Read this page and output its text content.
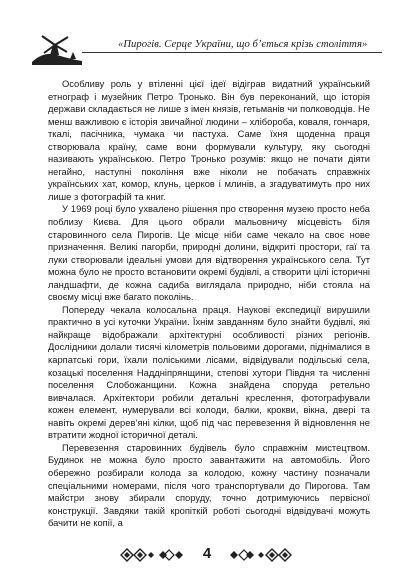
«Пирогів. Серце України, що б’ється крізь століття»

Особливу роль у втіленні цієї ідеї відіграв видатний український етнограф і музейник Петро Тронько. Він був переконаний, що історія держави складається не лише з імен князів, гетьманів чи полководців. Не менш важливою є історія звичайної людини – хлібороба, коваля, гончаря, ткалі, пасічника, чумака чи пастуха. Саме їхня щоденна праця створювала країну, саме вони формували культуру, яку сьогодні називають українською. Петро Тронько розумів: якщо не почати діяти негайно, наступні покоління вже ніколи не побачать справжніх українських хат, комор, клунь, церков і млинів, а згадуватимуть про них лише з фотографій та книг.

У 1969 році було ухвалено рішення про створення музею просто неба поблизу Києва. Для цього обрали мальовничу місцевість біля старовинного села Пирогів. Це місце ніби саме чекало на своє нове призначення. Великі пагорби, природні долини, відкриті простори, гаї та луки створювали ідеальні умови для відтворення українського села. Тут можна було не просто встановити окремі будівлі, а створити цілі історичні ландшафти, де кожна садиба виглядала природно, ніби стояла на своєму місці вже багато поколінь.

Попереду чекала колосальна праця. Наукові експедиції вирушили практично в усі куточки України. Їхнім завданням було знайти будівлі, які найкраще відображали архітектурні особливості різних регіонів. Дослідники долали тисячі кілометрів польовими дорогами, піднімалися в карпатські гори, їхали поліськими лісами, відвідували подільські села, козацькі поселення Наддніпрянщини, степові хутори Півдня та численні поселення Слобожанщини. Кожна знайдена споруда ретельно вивчалася. Архітектори робили детальні креслення, фотографували кожен елемент, нумерували всі колоди, балки, крокви, вікна, двері та навіть окремі дерев’яні кілки, щоб під час перевезення й відновлення не втратити жодної історичної деталі.

Перевезення старовинних будівель було справжнім мистецтвом. Будинок не можна було просто завантажити на автомобіль. Його обережно розбирали колода за колодою, кожну частину позначали спеціальними номерами, після чого транспортували до Пирогова. Там майстри знову збирали споруду, точно дотримуючись первісної конструкції. Завдяки такій кропіткій роботі сьогодні відвідувачі можуть бачити не копії, а

4
